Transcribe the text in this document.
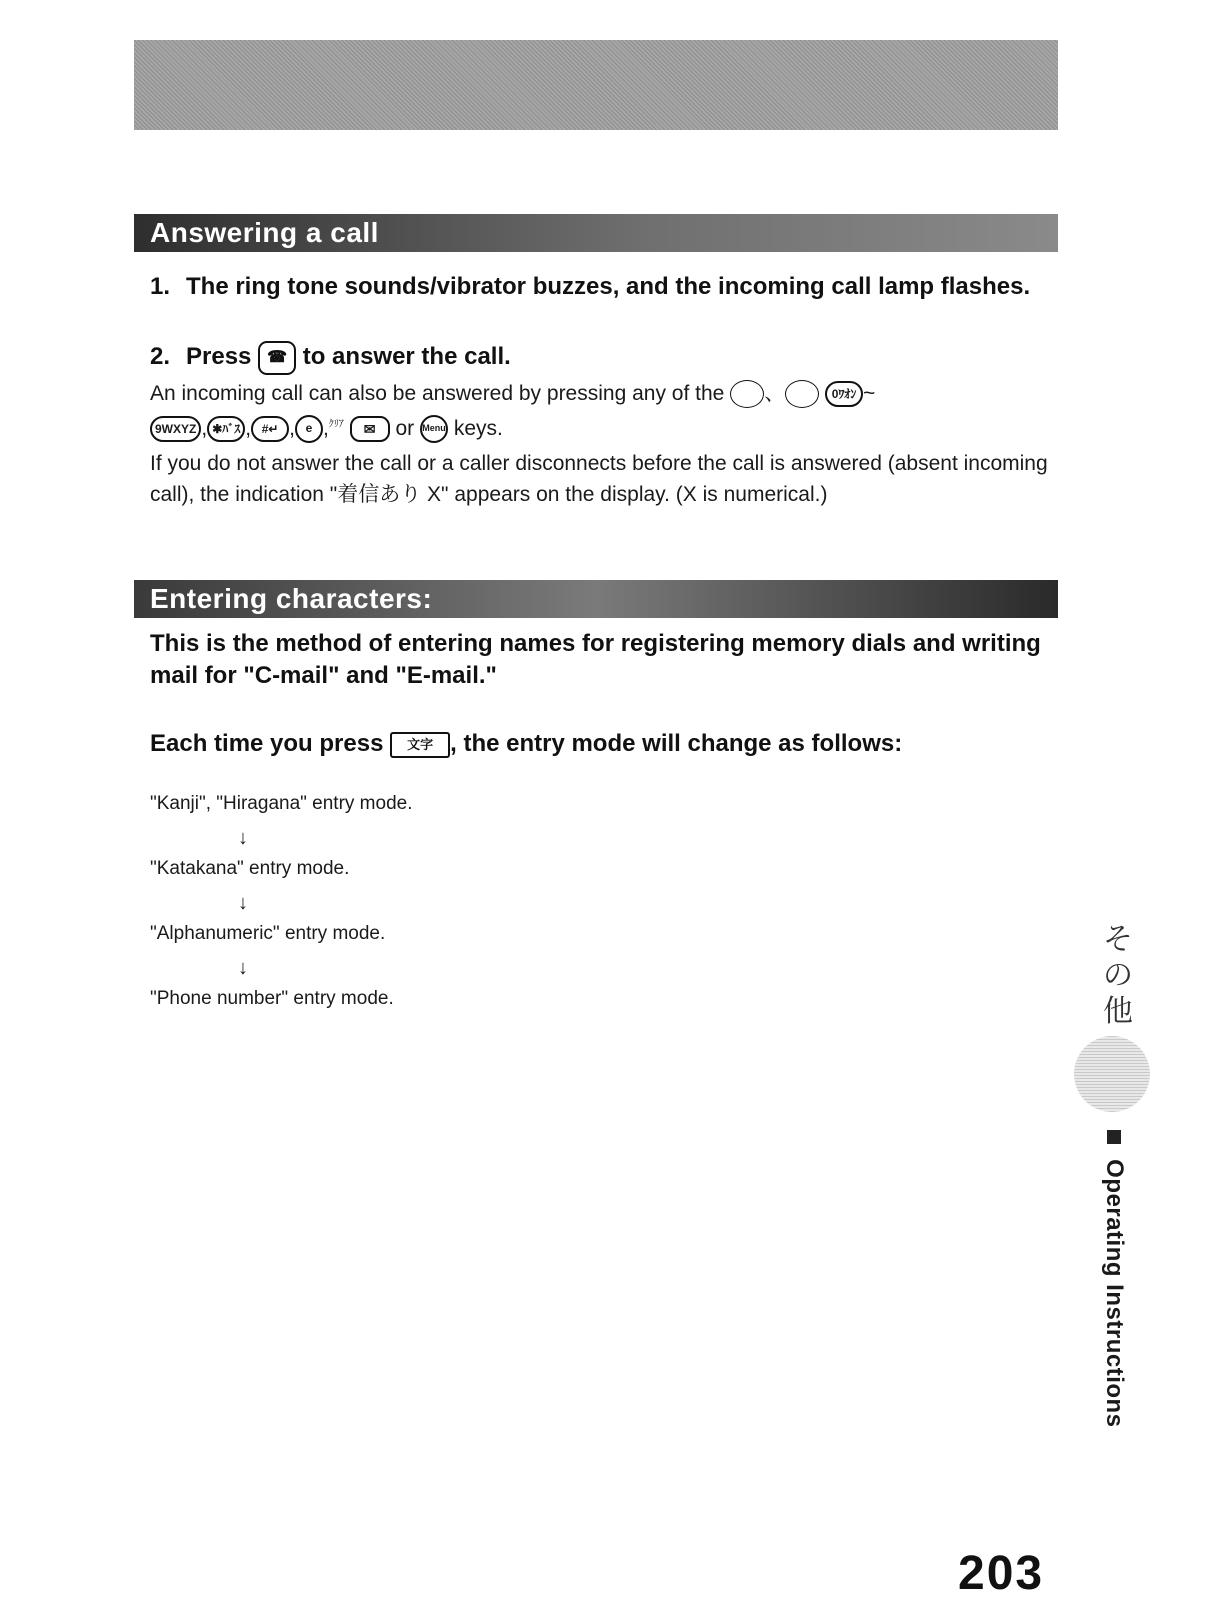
Answering a call
1. The ring tone sounds/vibrator buzzes, and the incoming call lamp flashes.
2. Press ☎ to answer the call.
An incoming call can also be answered by pressing any of the 、	0ﾜｵﾝ ~
9WXYZ , ✱ﾊﾞｽ , #↵ , e ,$^{ｸﾘｱ}$ ✉ or Menu keys.
If you do not answer the call or a caller disconnects before the call is answered (absent incoming call), the indication "着信あり X" appears on the display. (X is numerical.)
Entering characters:
This is the method of entering names for registering memory dials and writing mail for "C-mail" and "E-mail."
Each time you press 文字 , the entry mode will change as follows:
"Kanji", "Hiragana" entry mode.
↓
"Katakana" entry mode.
↓
"Alphanumeric" entry mode.
↓
"Phone number" entry mode.
そ
の
他
Operating Instructions
203
